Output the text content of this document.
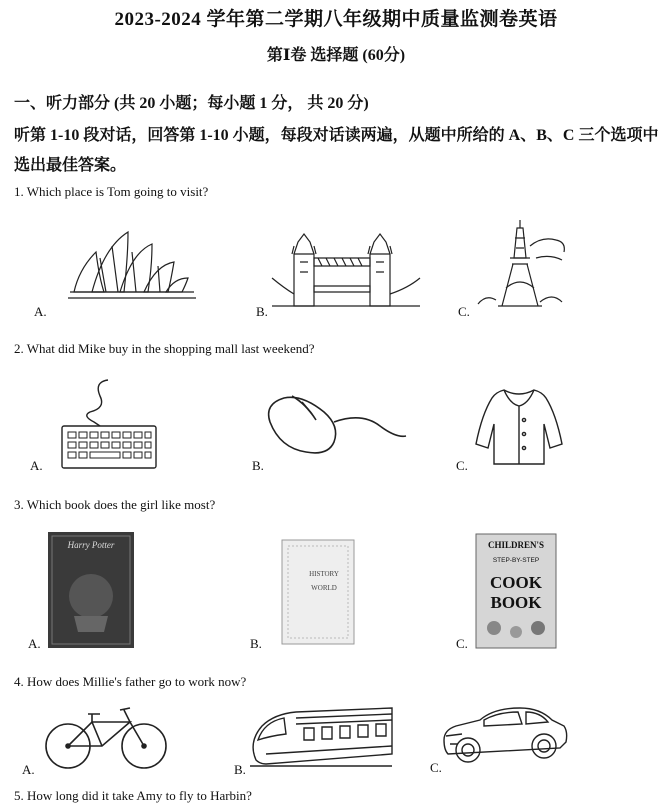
2023-2024 学年第二学期八年级期中质量监测卷英语
第Ⅰ卷 选择题 (60分)
一、听力部分 (共 20 小题；每小题 1 分， 共 20 分)
听第 1-10 段对话，回答第 1-10 小题，每段对话读两遍，从题中所给的 A、B、C 三个选项中选出最佳答案。
1. Which place is Tom going to visit?
A.	B.	C.
2. What did Mike buy in the shopping mall last weekend?
A.	B.	C.
3. Which book does the girl like most?
Harry Potter
A.
HISTORY
WORLD
B.
CHILDREN'S
STEP-BY-STEP
COOK
BOOK
C.
4. How does Millie's father go to work now?
A.	B.	C.
5. How long did it take Amy to fly to Harbin?
